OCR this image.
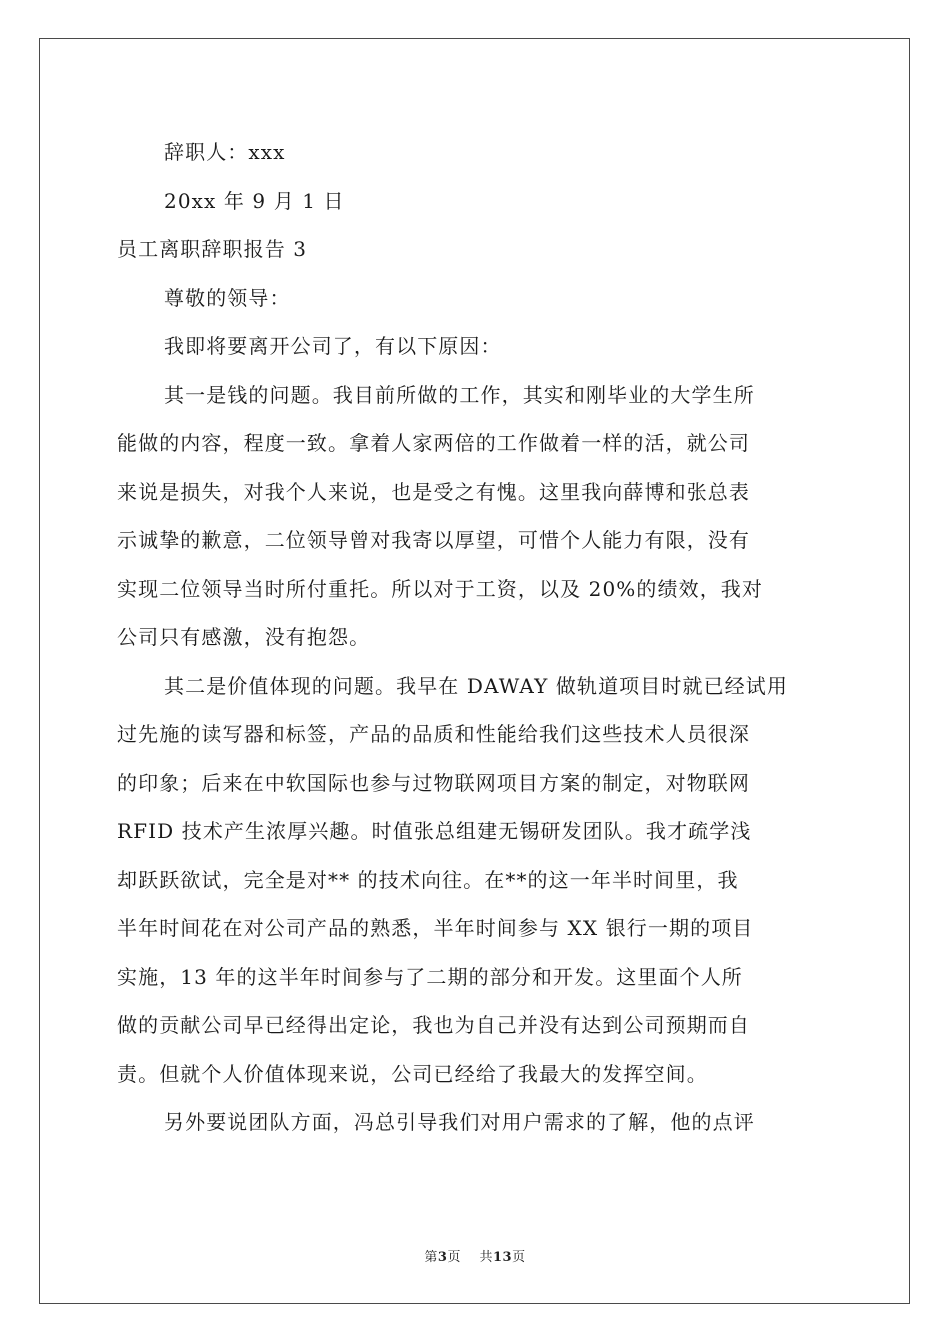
辞职人：xxx
20xx 年 9 月 1 日
员工离职辞职报告 3
尊敬的领导：
我即将要离开公司了，有以下原因：
其一是钱的问题。我目前所做的工作，其实和刚毕业的大学生所
能做的内容，程度一致。拿着人家两倍的工作做着一样的活，就公司
来说是损失，对我个人来说，也是受之有愧。这里我向薛博和张总表
示诚挚的歉意，二位领导曾对我寄以厚望，可惜个人能力有限，没有
实现二位领导当时所付重托。所以对于工资，以及 20%的绩效，我对
公司只有感激，没有抱怨。
其二是价值体现的问题。我早在 DAWAY 做轨道项目时就已经试用
过先施的读写器和标签，产品的品质和性能给我们这些技术人员很深
的印象；后来在中软国际也参与过物联网项目方案的制定，对物联网
RFID 技术产生浓厚兴趣。时值张总组建无锡研发团队。我才疏学浅
却跃跃欲试，完全是对** 的技术向往。在**的这一年半时间里，我
半年时间花在对公司产品的熟悉，半年时间参与 XX 银行一期的项目
实施，13 年的这半年时间参与了二期的部分和开发。这里面个人所
做的贡献公司早已经得出定论，我也为自己并没有达到公司预期而自
责。但就个人价值体现来说，公司已经给了我最大的发挥空间。
另外要说团队方面，冯总引导我们对用户需求的了解，他的点评
第3页    共13页
